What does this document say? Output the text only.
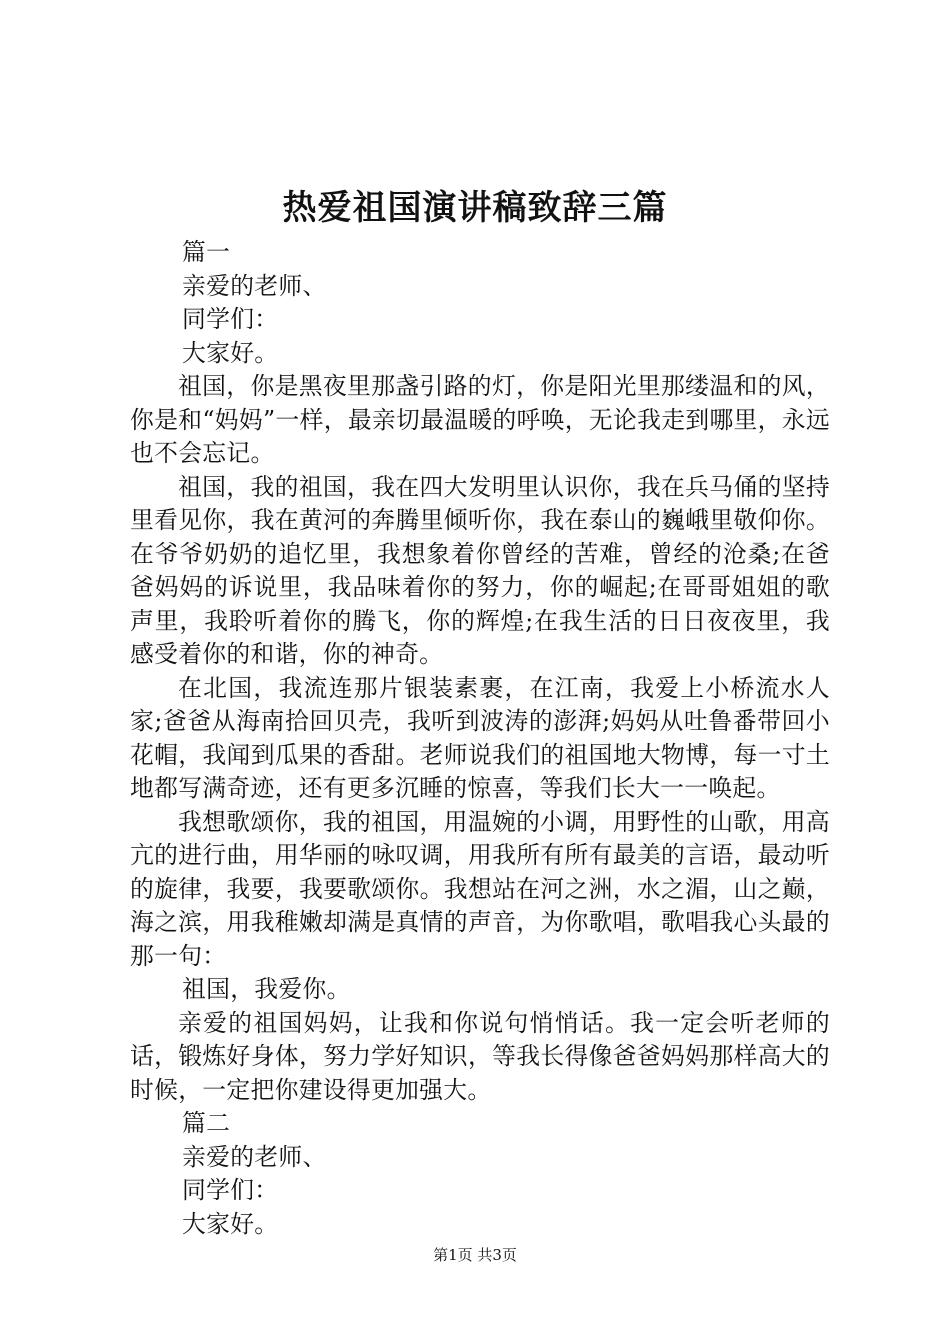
热爱祖国演讲稿致辞三篇

篇一

亲爱的老师、

同学们：

大家好。

祖国，你是黑夜里那盏引路的灯，你是阳光里那缕温和的风，你是和“妈妈”一样，最亲切最温暖的呼唤，无论我走到哪里，永远也不会忘记。

祖国，我的祖国，我在四大发明里认识你，我在兵马俑的坚持里看见你，我在黄河的奔腾里倾听你，我在泰山的巍峨里敬仰你。在爷爷奶奶的追忆里，我想象着你曾经的苦难，曾经的沧桑;在爸爸妈妈的诉说里，我品味着你的努力，你的崛起;在哥哥姐姐的歌声里，我聆听着你的腾飞，你的辉煌;在我生活的日日夜夜里，我感受着你的和谐，你的神奇。

在北国，我流连那片银装素裹，在江南，我爱上小桥流水人家;爸爸从海南拾回贝壳，我听到波涛的澎湃;妈妈从吐鲁番带回小花帽，我闻到瓜果的香甜。老师说我们的祖国地大物博，每一寸土地都写满奇迹，还有更多沉睡的惊喜，等我们长大一一唤起。

我想歌颂你，我的祖国，用温婉的小调，用野性的山歌，用高亢的进行曲，用华丽的咏叹调，用我所有所有最美的言语，最动听的旋律，我要，我要歌颂你。我想站在河之洲，水之湄，山之巅，海之滨，用我稚嫩却满是真情的声音，为你歌唱，歌唱我心头最的那一句：

祖国，我爱你。

亲爱的祖国妈妈，让我和你说句悄悄话。我一定会听老师的话，锻炼好身体，努力学好知识，等我长得像爸爸妈妈那样高大的时候，一定把你建设得更加强大。

篇二

亲爱的老师、

同学们：

大家好。

第1页 共3页
